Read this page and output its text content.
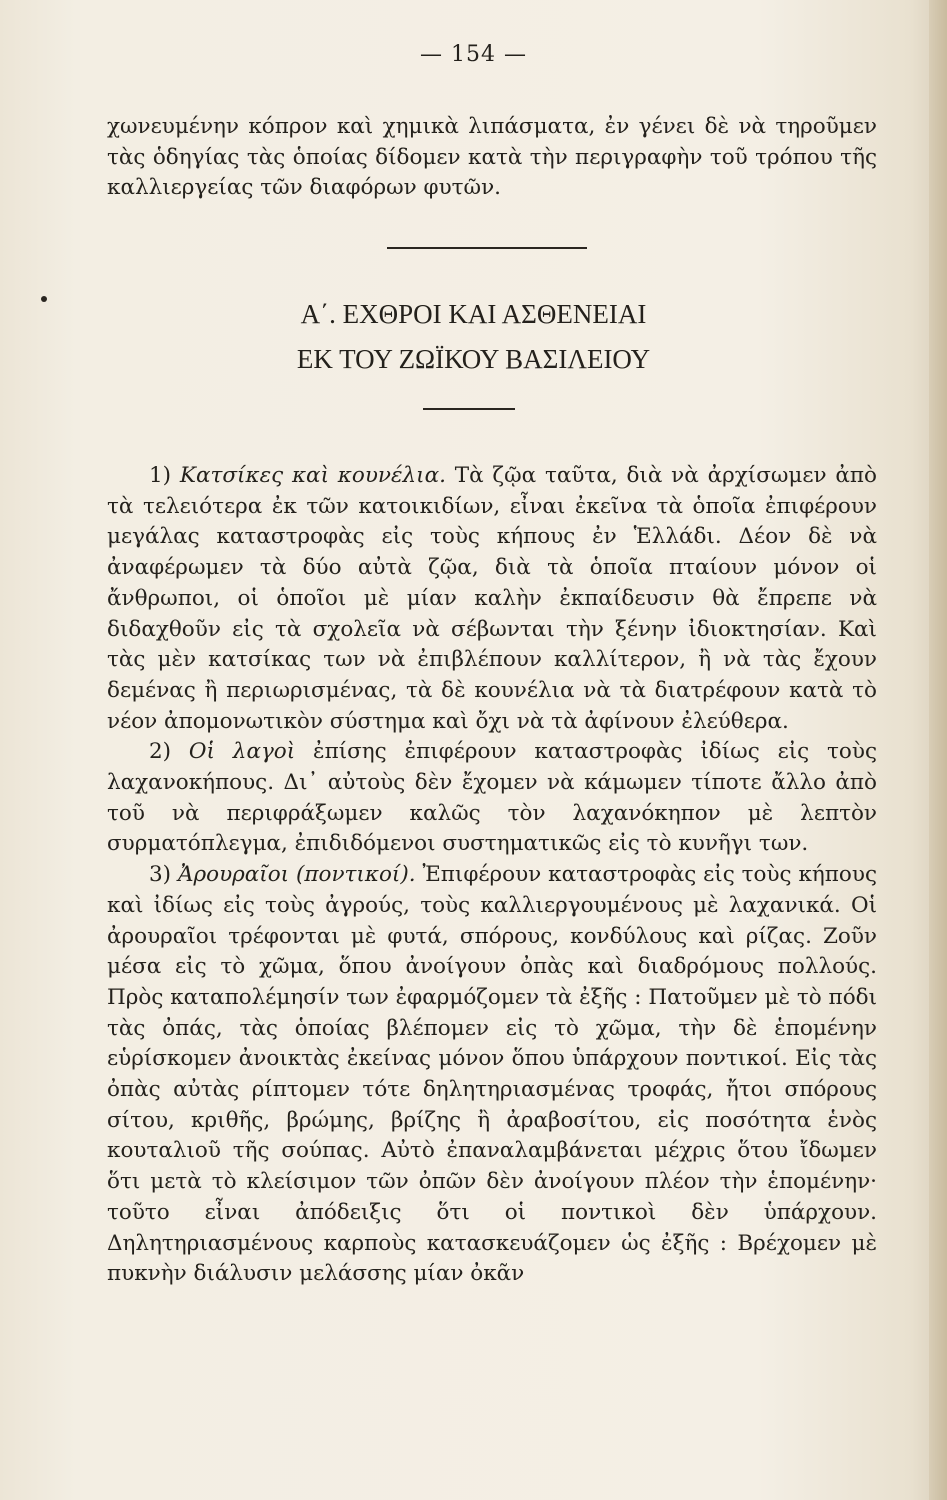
— 154 —

χωνευμένην κόπρον καὶ χημικὰ λιπάσματα, ἐν γένει δὲ νὰ τηροῦμεν τὰς ὁδηγίας τὰς ὁποίας δίδομεν κατὰ τὴν περιγραφὴν τοῦ τρόπου τῆς καλλιεργείας τῶν διαφόρων φυτῶν.

Α΄. ΕΧΘΡΟΙ ΚΑΙ ΑΣΘΕΝΕΙΑΙ
ΕΚ ΤΟΥ ΖΩΪΚΟΥ ΒΑΣΙΛΕΙΟΥ

1) Κατσίκες καὶ κουνέλια. Τὰ ζῷα ταῦτα, διὰ νὰ ἀρχίσωμεν ἀπὸ τὰ τελειότερα ἐκ τῶν κατοικιδίων, εἶναι ἐκεῖνα τὰ ὁποῖα ἐπιφέρουν μεγάλας καταστροφὰς εἰς τοὺς κήπους ἐν Ἑλλάδι. Δέον δὲ νὰ ἀναφέρωμεν τὰ δύο αὐτὰ ζῷα, διὰ τὰ ὁποῖα πταίουν μόνον οἱ ἄνθρωποι, οἱ ὁποῖοι μὲ μίαν καλὴν ἐκπαίδευσιν θὰ ἔπρεπε νὰ διδαχθοῦν εἰς τὰ σχολεῖα νὰ σέβωνται τὴν ξένην ἰδιοκτησίαν. Καὶ τὰς μὲν κατσίκας των νὰ ἐπιβλέπουν καλλίτερον, ἢ νὰ τὰς ἔχουν δεμένας ἢ περιωρισμένας, τὰ δὲ κουνέλια νὰ τὰ διατρέφουν κατὰ τὸ νέον ἀπομονωτικὸν σύστημα καὶ ὄχι νὰ τὰ ἀφίνουν ἐλεύθερα.

2) Οἱ λαγοὶ ἐπίσης ἐπιφέρουν καταστροφὰς ἰδίως εἰς τοὺς λαχανοκήπους. Δι᾽ αὐτοὺς δὲν ἔχομεν νὰ κάμωμεν τίποτε ἄλλο ἀπὸ τοῦ νὰ περιφράξωμεν καλῶς τὸν λαχανόκηπον μὲ λεπτὸν συρματόπλεγμα, ἐπιδιδόμενοι συστηματικῶς εἰς τὸ κυνῆγι των.

3) Ἀρουραῖοι (ποντικοί). Ἐπιφέρουν καταστροφὰς εἰς τοὺς κήπους καὶ ἰδίως εἰς τοὺς ἀγρούς, τοὺς καλλιεργουμένους μὲ λαχανικά. Οἱ ἀρουραῖοι τρέφονται μὲ φυτά, σπόρους, κονδύλους καὶ ρίζας. Ζοῦν μέσα εἰς τὸ χῶμα, ὅπου ἀνοίγουν ὀπὰς καὶ διαδρόμους πολλούς. Πρὸς καταπολέμησίν των ἐφαρμόζομεν τὰ ἐξῆς : Πατοῦμεν μὲ τὸ πόδι τὰς ὀπάς, τὰς ὁποίας βλέπομεν εἰς τὸ χῶμα, τὴν δὲ ἑπομένην εὑρίσκομεν ἀνοικτὰς ἐκείνας μόνον ὅπου ὑπάρχουν ποντικοί. Εἰς τὰς ὀπὰς αὐτὰς ρίπτομεν τότε δηλητηριασμένας τροφάς, ἤτοι σπόρους σίτου, κριθῆς, βρώμης, βρίζης ἢ ἀραβοσίτου, εἰς ποσότητα ἑνὸς κουταλιοῦ τῆς σούπας. Αὐτὸ ἐπαναλαμβάνεται μέχρις ὅτου ἴδωμεν ὅτι μετὰ τὸ κλείσιμον τῶν ὀπῶν δὲν ἀνοίγουν πλέον τὴν ἑπομένην· τοῦτο εἶναι ἀπόδειξις ὅτι οἱ ποντικοὶ δὲν ὑπάρχουν. Δηλητηριασμένους καρποὺς κατασκευάζομεν ὡς ἐξῆς : Βρέχομεν μὲ πυκνὴν διάλυσιν μελάσσης μίαν ὀκᾶν
